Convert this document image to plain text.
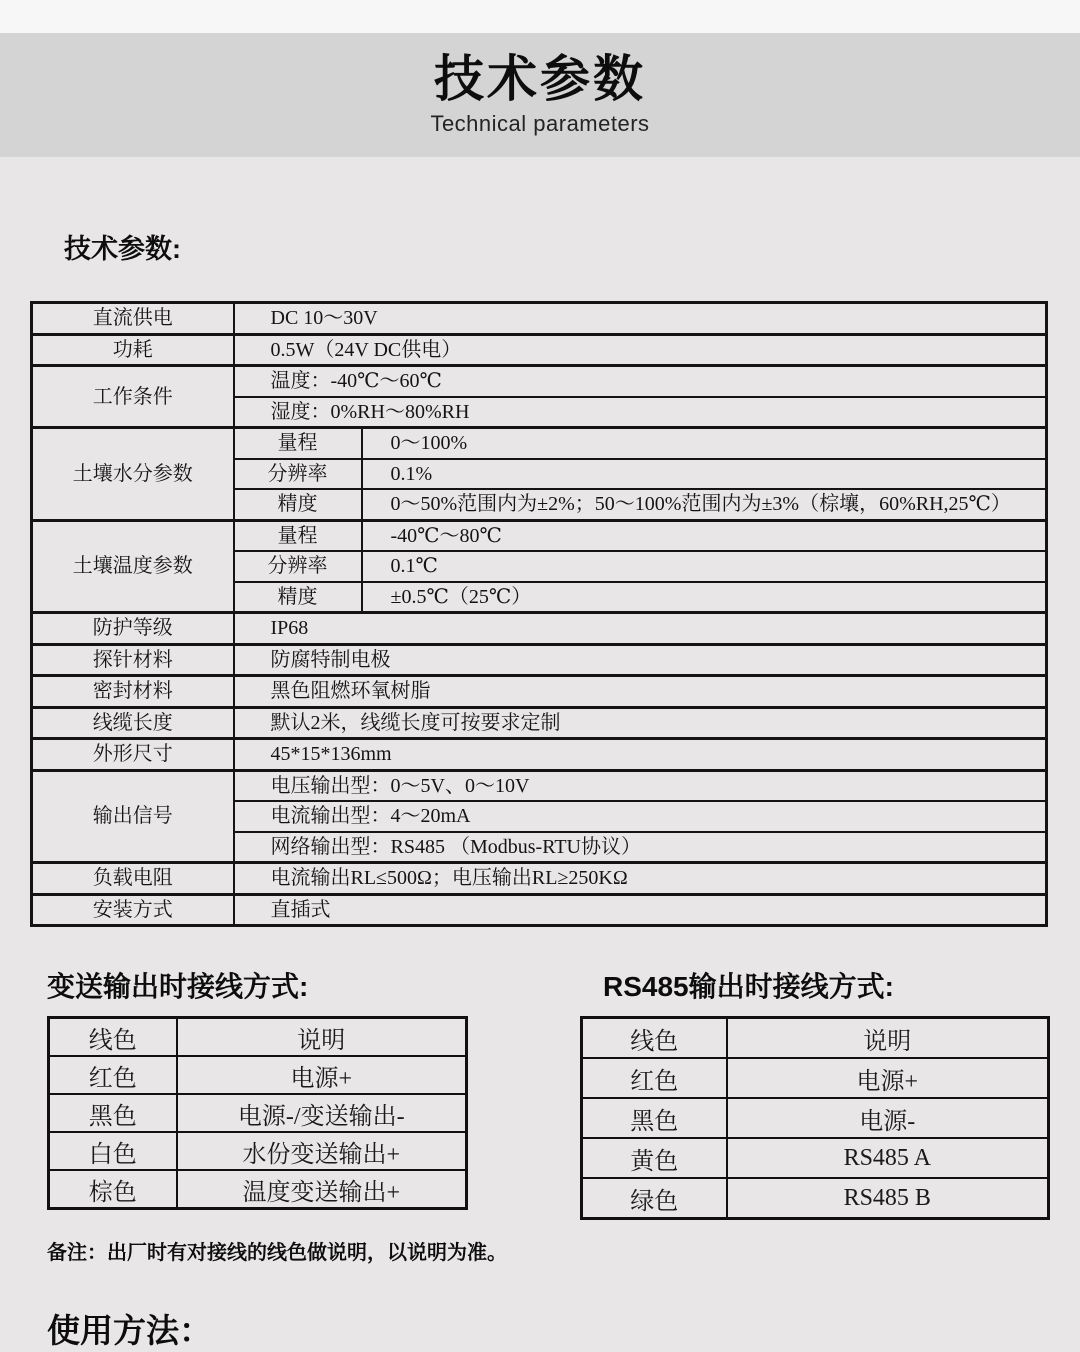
技术参数
Technical parameters
技术参数:
直流供电	DC 10～30V	
功耗	0.5W（24V DC供电）	
工作条件	温度：-40℃～60℃	
	湿度：0%RH～80%RH	
土壤水分参数	量程	0～100%
	分辨率	0.1%
	精度	0～50%范围内为±2%；50～100%范围内为±3%（棕壤，60%RH,25℃）
土壤温度参数	量程	-40℃～80℃
	分辨率	0.1℃
	精度	±0.5℃（25℃）
防护等级	IP68	
探针材料	防腐特制电极	
密封材料	黑色阻燃环氧树脂	
线缆长度	默认2米，线缆长度可按要求定制	
外形尺寸	45*15*136mm	
输出信号	电压输出型：0～5V、0～10V	
	电流输出型：4～20mA	
	网络输出型：RS485 （Modbus-RTU协议）	
负载电阻	电流输出RL≤500Ω；电压输出RL≥250KΩ	
安装方式	直插式	
变送输出时接线方式:
线色	说明
红色	电源+
黑色	电源-/变送输出-
白色	水份变送输出+
棕色	温度变送输出+
RS485输出时接线方式:
线色	说明
红色	电源+
黑色	电源-
黄色	RS485 A
绿色	RS485 B
备注：出厂时有对接线的线色做说明，以说明为准。
使用方法：
